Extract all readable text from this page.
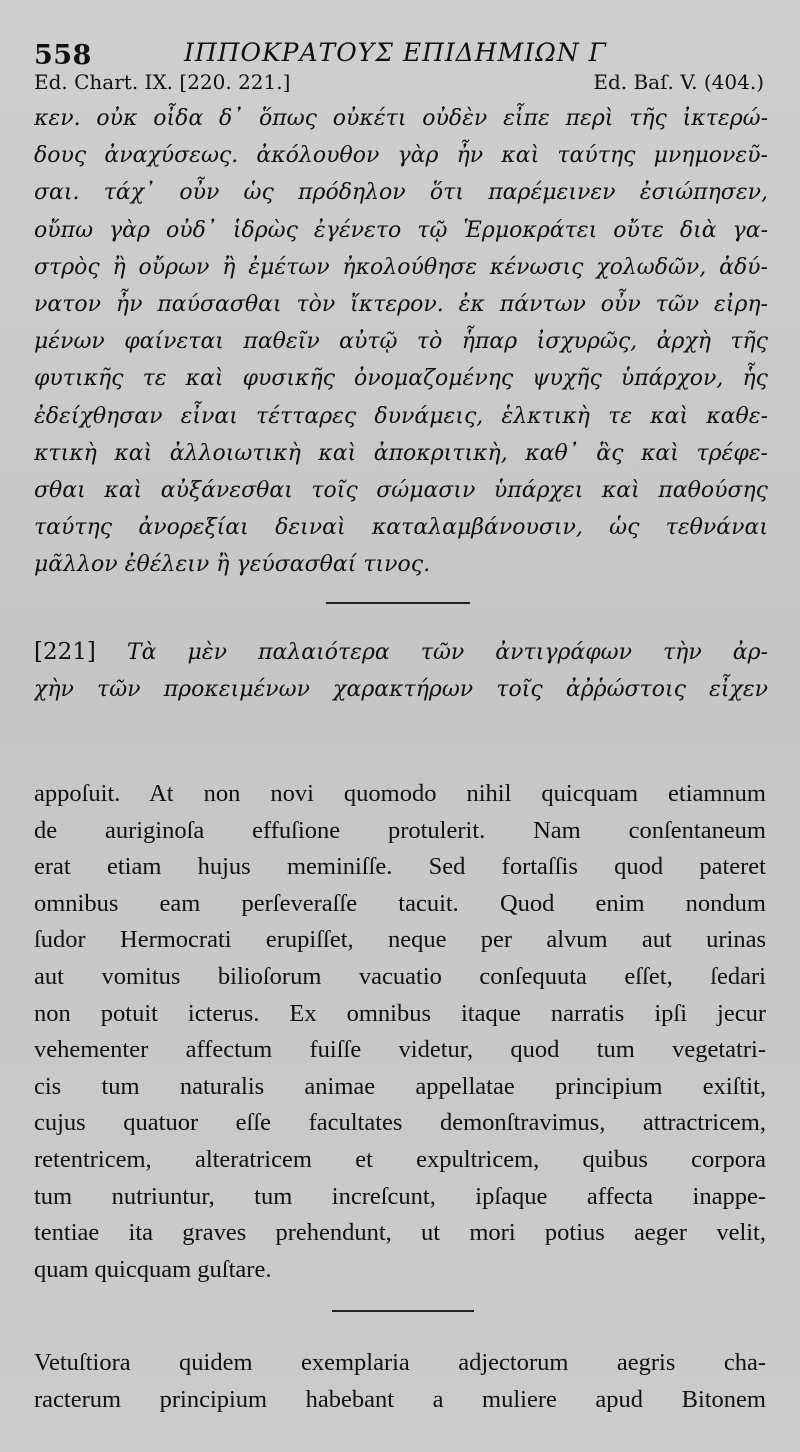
558	ΙΠΠΟΚΡΑΤΟΥΣ ΕΠΙΔΗΜΙΩΝ Γ
Ed. Chart. IX. [220. 221.]	Ed. Baſ. V. (404.)
κεν. οὐκ οἶδα δ᾽ ὅπως οὐκέτι οὐδὲν εἶπε περὶ τῆς ἰκτερώ-
δους ἀναχύσεως. ἀκόλουθον γὰρ ἦν καὶ ταύτης μνημονεῦ-
σαι. τάχ᾽ οὖν ὡς πρόδηλον ὅτι παρέμεινεν ἐσιώπησεν,
οὔπω γὰρ οὐδ᾽ ἱδρὼς ἐγένετο τῷ Ἑρμοκράτει οὔτε διὰ γα-
στρὸς ἢ οὔρων ἢ ἐμέτων ἠκολούθησε κένωσις χολωδῶν, ἀδύ-
νατον ἦν παύσασθαι τὸν ἴκτερον. ἐκ πάντων οὖν τῶν εἰρη-
μένων φαίνεται παθεῖν αὐτῷ τὸ ἧπαρ ἰσχυρῶς, ἀρχὴ τῆς
φυτικῆς τε καὶ φυσικῆς ὀνομαζομένης ψυχῆς ὑπάρχον, ἧς
ἐδείχθησαν εἶναι τέτταρες δυνάμεις, ἑλκτικὴ τε καὶ καθε-
κτικὴ καὶ ἀλλοιωτικὴ καὶ ἀποκριτικὴ, καθ᾽ ἃς καὶ τρέφε-
σθαι καὶ αὐξάνεσθαι τοῖς σώμασιν ὑπάρχει καὶ παθούσης
ταύτης ἀνορεξίαι δειναὶ καταλαμβάνουσιν, ὡς τεθνάναι
μᾶλλον ἐθέλειν ἢ γεύσασθαί τινος.
[221] Τὰ μὲν παλαιότερα τῶν ἀντιγράφων τὴν ἀρ-
χὴν τῶν προκειμένων χαρακτήρων τοῖς ἀῤῥώστοις εἶχεν
appoſuit. At non novi quomodo nihil quicquam etiamnum
de auriginoſa effuſione protulerit. Nam conſentaneum
erat etiam hujus meminiſſe. Sed fortaſſis quod pateret
omnibus eam perſeveraſſe tacuit. Quod enim nondum
ſudor Hermocrati erupiſſet, neque per alvum aut urinas
aut vomitus bilioſorum vacuatio conſequuta eſſet, ſedari
non potuit icterus. Ex omnibus itaque narratis ipſi jecur
vehementer affectum fuiſſe videtur, quod tum vegetatri-
cis tum naturalis animae appellatae principium exiſtit,
cujus quatuor eſſe facultates demonſtravimus, attractricem,
retentricem, alteratricem et expultricem, quibus corpora
tum nutriuntur, tum increſcunt, ipſaque affecta inappe-
tentiae ita graves prehendunt, ut mori potius aeger velit,
quam quicquam guſtare.
Vetuſtiora quidem exemplaria adjectorum aegris cha-
racterum principium habebant a muliere apud Bitonem
